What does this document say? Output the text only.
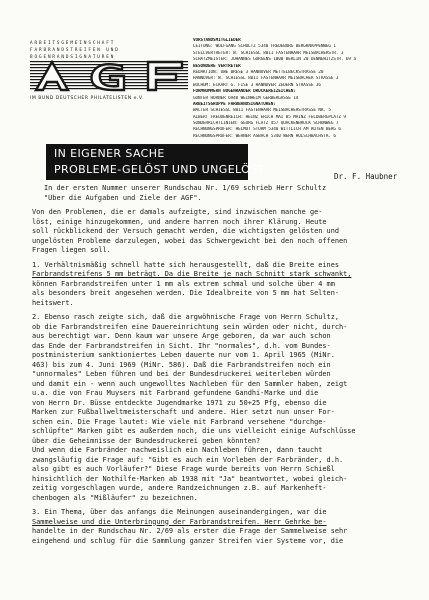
ARBEITSGEMEINSCHAFT
FARBRANDSTREIFEN UND
BOGENRANDSIGNATUREN
AGF
IM BUND DEUTSCHER PHILATELISTEN e.V.
VORSTANDSMITGLIEDER
LEITUNG: WOLFGANG SCHULTZ 5340 FREDEBURG BERGKNAPPENWEG 1
STELLVERTRETER: W. SCHIESSL 8011 FASTENHAAR MEISBACHERSTR. 3
SCHATZMEISTER: JOHANNES GÖRGENS 1000 BERLIN 20 DENNEWITZSTR. 69 a
BESONDERE VERTRETER
REDAKTION: UWE BRESE 3 HANNOVER METTELBECKSTRASSE 20
HANNOVER: W. SCHIESSL 8011 FASTENHAAR MEISBACHER STRASSE 3
BOCHUM: ECKART G. FISE 3 HANNOVER ZEDERN STRASSE 36
FORMNUMMERN BOGENRÄNDER DRUCKEREIZEICHEN:
GÜNTER HÖRNER 6940 WEINHEIM GERBERGASSE 14
ARBEITSGRUPPE FARBBANDSIGNATUREN:
WALTER SCHIESSL 8011 FASTENHAAR MEISBACHERSTRASSE NR. 5
ALBERT FREUDENREICH: HEINZ ERICH MAI 85 MAINZ FELDBERGPLATZ 9
SONDERRICHTLINIEN: GEORG FLATZ 457 QUACKENBRÜCK SCHONWEG 7
RECHNUNGSPRÜFER: HELMUT STURM 5340 WITTLICH AM ROTEN BERG 6
RECHNUNGSPRÜFER: WERNER ASBACH 5340 WERN HOLSCHBACHSTR. 6
IN EIGENER SACHE
PROBLEME-GELÖST UND UNGELÖST
Dr. F. Haubner
In der ersten Nummer unserer Rundschau Nr. 1/69 schrieb Herr Schultz
"Über die Aufgaben und Ziele der AGF".
Von den Problemen, die er damals aufzeigte, sind inzwischen manche ge-
löst, einige hinzugekommen, und andere harren noch ihrer Klärung. Heute
soll rückblickend der Versuch gemacht werden, die wichtigsten gelösten und
ungelösten Probleme darzulegen, wobei das Schwergewicht bei den noch offenen
Fragen liegen soll.
1. Verhältnismäßig schnell hatte sich herausgestellt, daß die Breite eines
Farbrandstreifens 5 mm beträgt. Da die Breite je nach Schnitt stark schwankt,
können Farbrandstreifen unter 1 mm als extrem schmal und solche über 4 mm
als besonders breit angesehen werden. Die Idealbreite von 5 mm hat Selten-
heitswert.
2. Ebenso rasch zeigte sich, daß die argwöhnische Frage von Herrn Schultz,
ob die Farbrandstreifen eine Dauereinrichtung sein würden oder nicht, durch-
aus berechtigt war. Denn kaum war unsere Ärge geboren, da war auch schon
das Ende der Farbrandstreifen in Sicht. Ihr "normales", d.h. vom Bundes-
postministerium sanktioniertes Leben dauerte nur vom 1. April 1965 (MiNr.
463) bis zum 4. Juni 1969 (MiNr. 586). Daß die Farbrandstreifen noch ein
"unnormales" Leben führen und bei der Bundesdruckerei weiterleben würden
und damit ein - wenn auch ungewolltes Nachleben für den Sammler haben, zeigt
u.a. die von Frau Muysers mit Farbrand gefundene Gandhi-Marke und die
von Herrn Dr. Büsse entdeckte Jugendmarke 1971 zu 50+25 Pfg, ebenso die
Marken zur Fußballweltmeisterschaft und andere. Hier setzt nun unser For-
schen ein. Die Frage lautet: Wie viele mit Farbrand versehene "durchge-
schlüpfte" Marken gibt es außerdem noch, die uns vielleicht einige Aufschlüsse
über die Geheimnisse der Bundesdruckerei geben könnten?
Und wenn die Farbränder nachweislich ein Nachleben führen, dann taucht
zwangsläufig die Frage auf: "Gibt es auch ein Vorleben der Farbränder, d.h.
also gibt es auch Vorläufer?" Diese Frage wurde bereits von Herrn Schießl
hinsichtlich der Nothilfe-Marken ab 1938 mit "Ja" beantwortet, wobei gleich-
zeitig vorgeschlagen wurde, andere Randzeichnungen z.B. auf Markenheft-
chenbogen als "Mißläufer" zu bezeichnen.
3. Ein Thema, über das anfangs die Meinungen auseinandergingen, war die
Sammelweise und die Unterbringung der Farbrandstreifen. Herr Gehrke be-
handelte in der Rundschau Nr. 2/69 als erster die Frage der Sammelweise sehr
eingehend und schlug für die Sammlung ganzer Streifen vier Systeme vor, die
